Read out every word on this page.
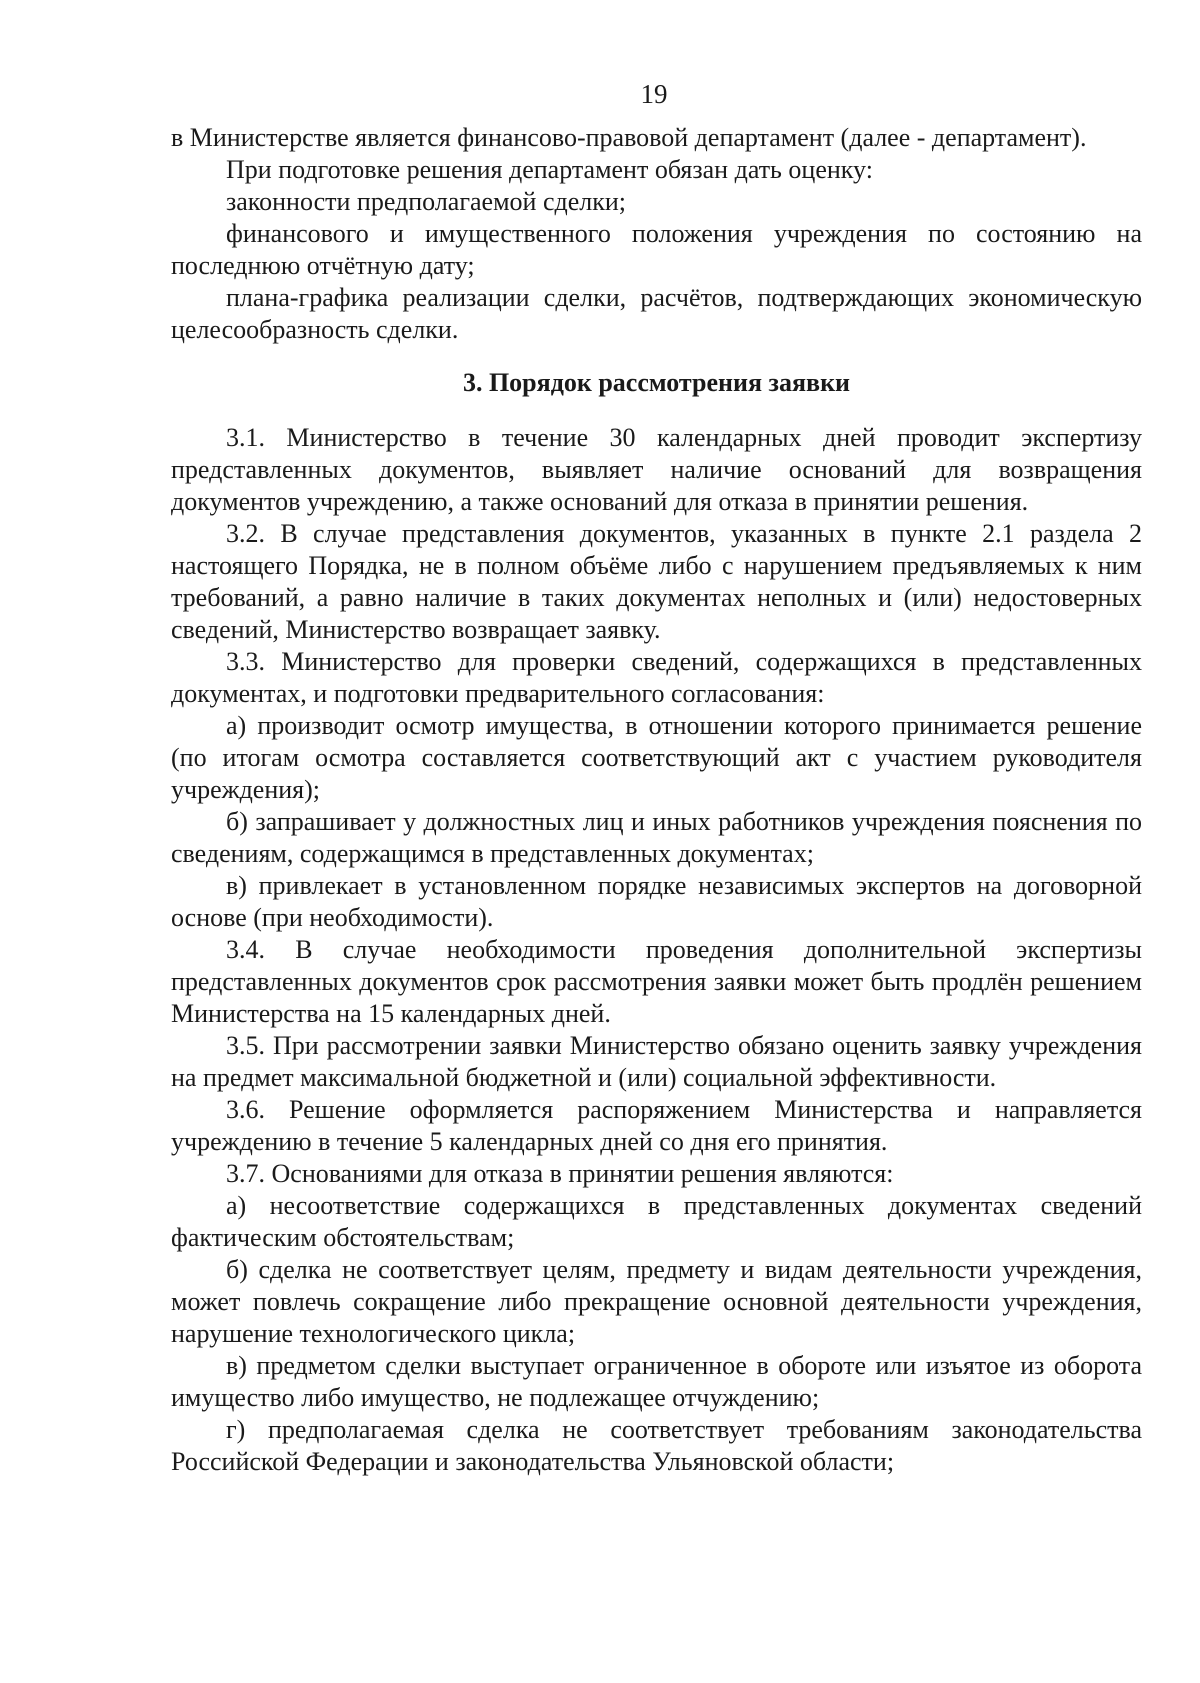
19

в Министерстве является финансово-правовой департамент (далее - департамент).

При подготовке решения департамент обязан дать оценку:

законности предполагаемой сделки;

финансового и имущественного положения учреждения по состоянию на последнюю отчётную дату;

плана-графика реализации сделки, расчётов, подтверждающих экономическую целесообразность сделки.

3. Порядок рассмотрения заявки

3.1. Министерство в течение 30 календарных дней проводит экспертизу представленных документов, выявляет наличие оснований для возвращения документов учреждению, а также оснований для отказа в принятии решения.

3.2. В случае представления документов, указанных в пункте 2.1 раздела 2 настоящего Порядка, не в полном объёме либо с нарушением предъявляемых к ним требований, а равно наличие в таких документах неполных и (или) недостоверных сведений, Министерство возвращает заявку.

3.3. Министерство для проверки сведений, содержащихся в представленных документах, и подготовки предварительного согласования:

а) производит осмотр имущества, в отношении которого принимается решение (по итогам осмотра составляется соответствующий акт с участием руководителя учреждения);

б) запрашивает у должностных лиц и иных работников учреждения пояснения по сведениям, содержащимся в представленных документах;

в) привлекает в установленном порядке независимых экспертов на договорной основе (при необходимости).

3.4. В случае необходимости проведения дополнительной экспертизы представленных документов срок рассмотрения заявки может быть продлён решением Министерства на 15 календарных дней.

3.5. При рассмотрении заявки Министерство обязано оценить заявку учреждения на предмет максимальной бюджетной и (или) социальной эффективности.

3.6. Решение оформляется распоряжением Министерства и направляется учреждению в течение 5 календарных дней со дня его принятия.

3.7. Основаниями для отказа в принятии решения являются:

а) несоответствие содержащихся в представленных документах сведений фактическим обстоятельствам;

б) сделка не соответствует целям, предмету и видам деятельности учреждения, может повлечь сокращение либо прекращение основной деятельности учреждения, нарушение технологического цикла;

в) предметом сделки выступает ограниченное в обороте или изъятое из оборота имущество либо имущество, не подлежащее отчуждению;

г) предполагаемая сделка не соответствует требованиям законодательства Российской Федерации и законодательства Ульяновской области;
